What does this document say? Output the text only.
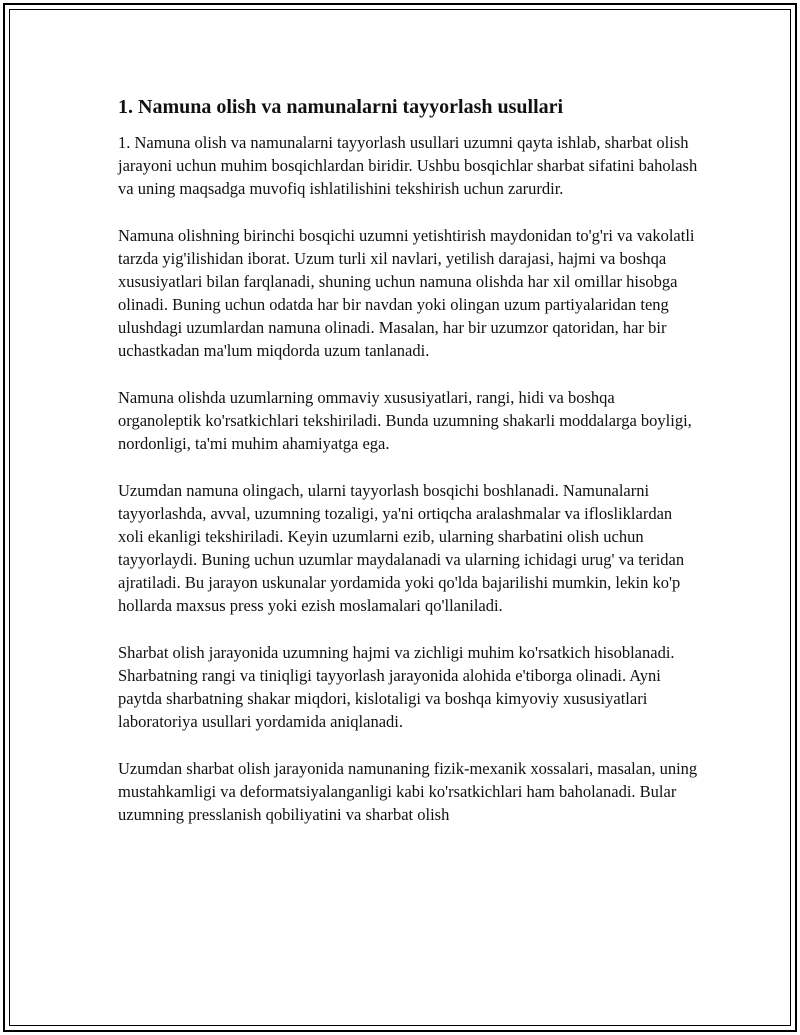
1. Namuna olish va namunalarni tayyorlash usullari

1. Namuna olish va namunalarni tayyorlash usullari uzumni qayta ishlab, sharbat olish jarayoni uchun muhim bosqichlardan biridir. Ushbu bosqichlar sharbat sifatini baholash va uning maqsadga muvofiq ishlatilishini tekshirish uchun zarurdir.

Namuna olishning birinchi bosqichi uzumni yetishtirish maydonidan to'g'ri va vakolatli tarzda yig'ilishidan iborat. Uzum turli xil navlari, yetilish darajasi, hajmi va boshqa xususiyatlari bilan farqlanadi, shuning uchun namuna olishda har xil omillar hisobga olinadi. Buning uchun odatda har bir navdan yoki olingan uzum partiyalaridan teng ulushdagi uzumlardan namuna olinadi. Masalan, har bir uzumzor qatoridan, har bir uchastkadan ma'lum miqdorda uzum tanlanadi.

Namuna olishda uzumlarning ommaviy xususiyatlari, rangi, hidi va boshqa organoleptik ko'rsatkichlari tekshiriladi. Bunda uzumning shakarli moddalarga boyligi, nordonligi, ta'mi muhim ahamiyatga ega.

Uzumdan namuna olingach, ularni tayyorlash bosqichi boshlanadi. Namunalarni tayyorlashda, avval, uzumning tozaligi, ya'ni ortiqcha aralashmalar va ifloslikl﻿ardan xoli ekanligi tekshiriladi. Keyin uzumlarni ezib, ularning sharbatini olish uchun tayyorlaydi. Buning uchun uzumlar maydalanadi va ularning ichidagi urug' va teridan ajratiladi. Bu jarayon uskunalar yordamida yoki qo'lda bajarilishi mumkin, lekin ko'p hollarda maxsus press yoki ezish moslamalari qo'llaniladi.

Sharbat olish jarayonida uzumning hajmi va zichligi muhim ko'rsatkich hisoblanadi. Sharbatning rangi va tiniqligi tayyorlash jarayonida alohida e'tiborga olinadi. Ayni paytda sharbatning shakar miqdori, kislotaligi va boshqa kimyoviy xususiyatlari laboratoriya usullari yordamida aniqlanadi.

Uzumdan sharbat olish jarayonida namunaning fizik-mexanik xossalari, masalan, uning mustahkamligi va deformatsiyalanganligi kabi ko'rsatkichlari ham baholanadi. Bular uzumning presslanish qobiliyatini va sharbat olish
